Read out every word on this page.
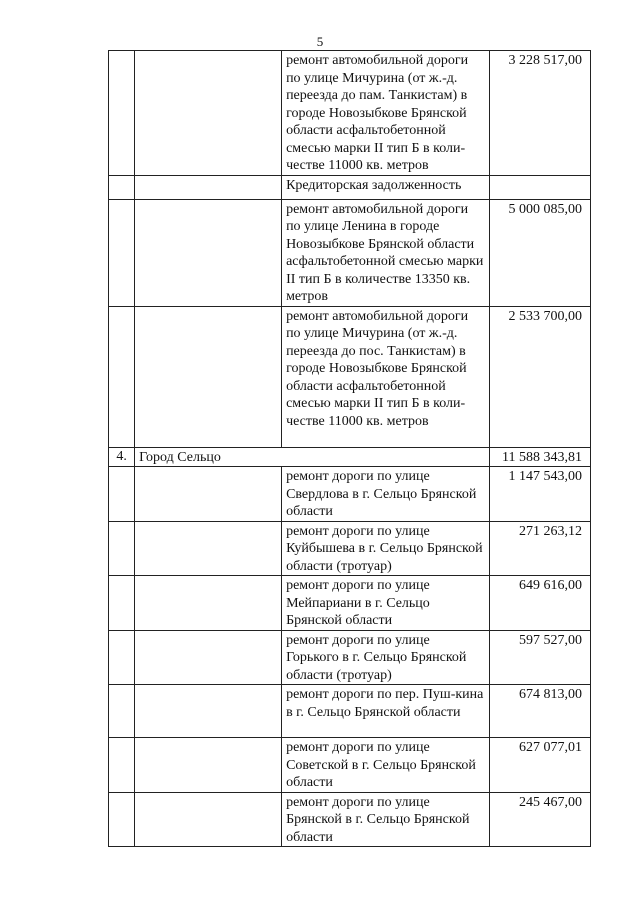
5
		ремонт автомобильной дороги по улице Мичурина (от ж.-д. переезда до пам. Танкистам) в городе Новозыбкове Брянской области асфальтобетонной смесью марки II тип Б в коли-честве 11000 кв. метров	3 228 517,00
		Кредиторская задолженность	
		ремонт автомобильной дороги по улице Ленина в городе Новозыбкове Брянской области асфальтобетонной смесью марки II тип Б в количестве 13350 кв. метров	5 000 085,00
		ремонт автомобильной дороги по улице Мичурина (от ж.-д. переезда до пос. Танкистам) в городе Новозыбкове Брянской области асфальтобетонной смесью марки II тип Б в коли-честве 11000 кв. метров	2 533 700,00
4.	Город Сельцо		11 588 343,81
		ремонт дороги по улице Свердлова в г. Сельцо Брянской области	1 147 543,00
		ремонт дороги по улице Куйбышева в г. Сельцо Брянской области (тротуар)	271 263,12
		ремонт дороги по улице Мейпариани в г. Сельцо Брянской области	649 616,00
		ремонт дороги по улице Горького в г. Сельцо Брянской области (тротуар)	597 527,00
		ремонт дороги по пер. Пуш-кина в г. Сельцо Брянской области	674 813,00
		ремонт дороги по улице Советской в г. Сельцо Брянской области	627 077,01
		ремонт дороги по улице Брянской в г. Сельцо Брянской области	245 467,00
